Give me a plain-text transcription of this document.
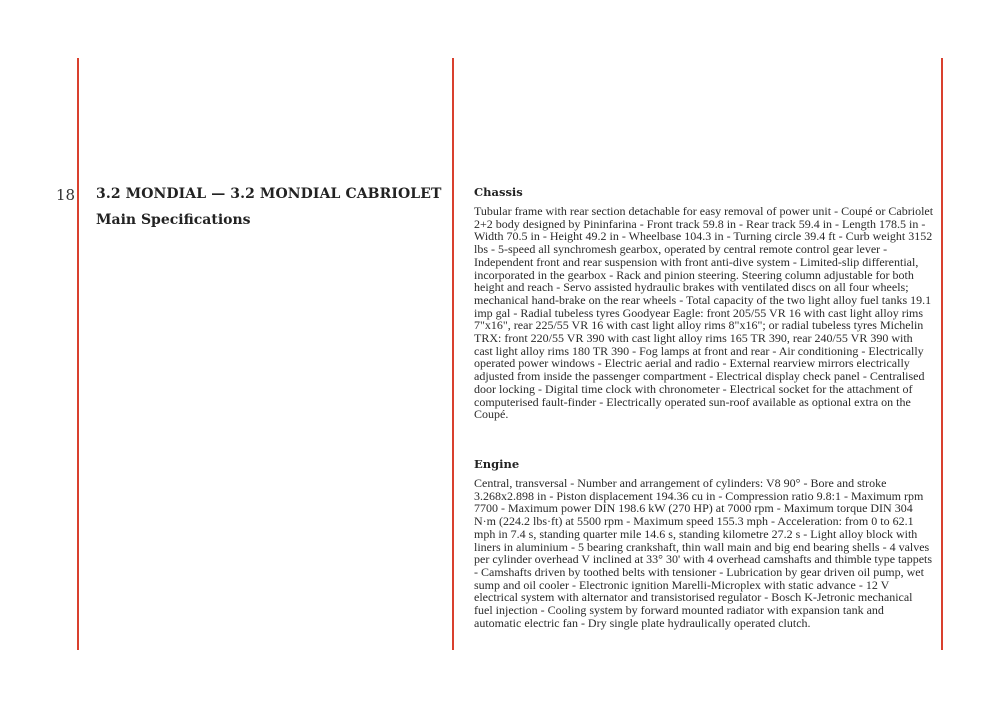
18 3.2 MONDIAL — 3.2 MONDIAL CABRIOLET
Main Specifications
Chassis

Tubular frame with rear section detachable for easy removal of power unit - Coupé or Cabriolet 2+2 body designed by Pininfarina - Front track 59.8 in - Rear track 59.4 in - Length 178.5 in - Width 70.5 in - Height 49.2 in - Wheelbase 104.3 in - Turning circle 39.4 ft - Curb weight 3152 lbs - 5-speed all synchromesh gearbox, operated by central remote control gear lever - Independent front and rear suspension with front anti-dive system - Limited-slip differential, incorporated in the gearbox - Rack and pinion steering. Steering column adjustable for both height and reach - Servo assisted hydraulic brakes with ventilated discs on all four wheels; mechanical hand-brake on the rear wheels - Total capacity of the two light alloy fuel tanks 19.1 imp gal - Radial tubeless tyres Goodyear Eagle: front 205/55 VR 16 with cast light alloy rims 7"x16", rear 225/55 VR 16 with cast light alloy rims 8"x16"; or radial tubeless tyres Michelin TRX: front 220/55 VR 390 with cast light alloy rims 165 TR 390, rear 240/55 VR 390 with cast light alloy rims 180 TR 390 - Fog lamps at front and rear - Air conditioning - Electrically operated power windows - Electric aerial and radio - External rearview mirrors electrically adjusted from inside the passenger compartment - Electrical display check panel - Centralised door locking - Digital time clock with chronometer - Electrical socket for the attachment of computerised fault-finder - Electrically operated sun-roof available as optional extra on the Coupé.

Engine

Central, transversal - Number and arrangement of cylinders: V8 90° - Bore and stroke 3.268x2.898 in - Piston displacement 194.36 cu in - Compression ratio 9.8:1 - Maximum rpm 7700 - Maximum power DIN 198.6 kW (270 HP) at 7000 rpm - Maximum torque DIN 304 N·m (224.2 lbs·ft) at 5500 rpm - Maximum speed 155.3 mph - Acceleration: from 0 to 62.1 mph in 7.4 s, standing quarter mile 14.6 s, standing kilometre 27.2 s - Light alloy block with liners in aluminium - 5 bearing crankshaft, thin wall main and big end bearing shells - 4 valves per cylinder overhead V inclined at 33° 30' with 4 overhead camshafts and thimble type tappets - Camshafts driven by toothed belts with tensioner - Lubrication by gear driven oil pump, wet sump and oil cooler - Electronic ignition Marelli-Microplex with static advance - 12 V electrical system with alternator and transistorised regulator - Bosch K-Jetronic mechanical fuel injection - Cooling system by forward mounted radiator with expansion tank and automatic electric fan - Dry single plate hydraulically operated clutch.
